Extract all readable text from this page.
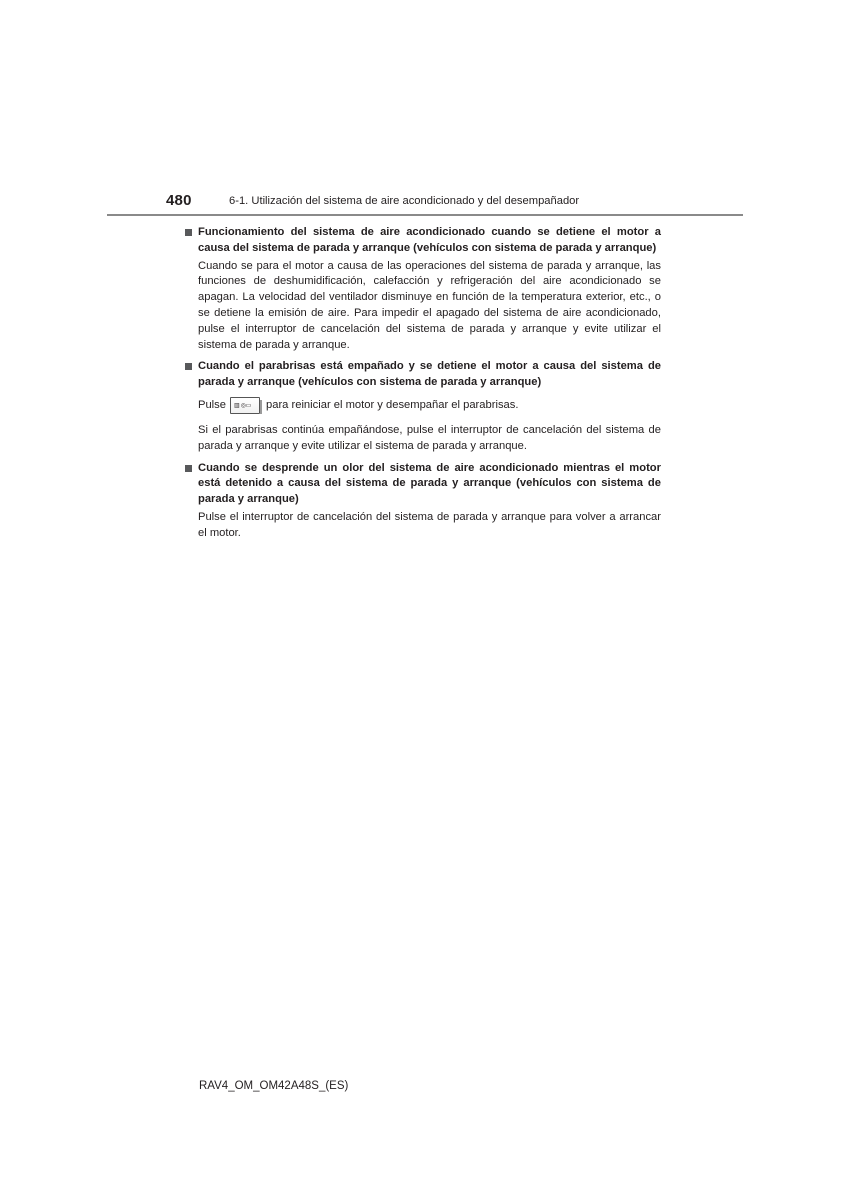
480	6-1. Utilización del sistema de aire acondicionado y del desempañador
Funcionamiento del sistema de aire acondicionado cuando se detiene el motor a causa del sistema de parada y arranque (vehículos con sistema de parada y arranque)

Cuando se para el motor a causa de las operaciones del sistema de parada y arranque, las funciones de deshumidificación, calefacción y refrigeración del aire acondicionado se apagan. La velocidad del ventilador disminuye en función de la temperatura exterior, etc., o se detiene la emisión de aire. Para impedir el apagado del sistema de aire acondicionado, pulse el interruptor de cancelación del sistema de parada y arranque y evite utilizar el sistema de parada y arranque.

Cuando el parabrisas está empañado y se detiene el motor a causa del sistema de parada y arranque (vehículos con sistema de parada y arranque)
Pulse ▥ ◎▭ para reiniciar el motor y desempañar el parabrisas.

Si el parabrisas continúa empañándose, pulse el interruptor de cancelación del sistema de parada y arranque y evite utilizar el sistema de parada y arranque.

Cuando se desprende un olor del sistema de aire acondicionado mientras el motor está detenido a causa del sistema de parada y arranque (vehículos con sistema de parada y arranque)

Pulse el interruptor de cancelación del sistema de parada y arranque para volver a arrancar el motor.

RAV4_OM_OM42A48S_(ES)
